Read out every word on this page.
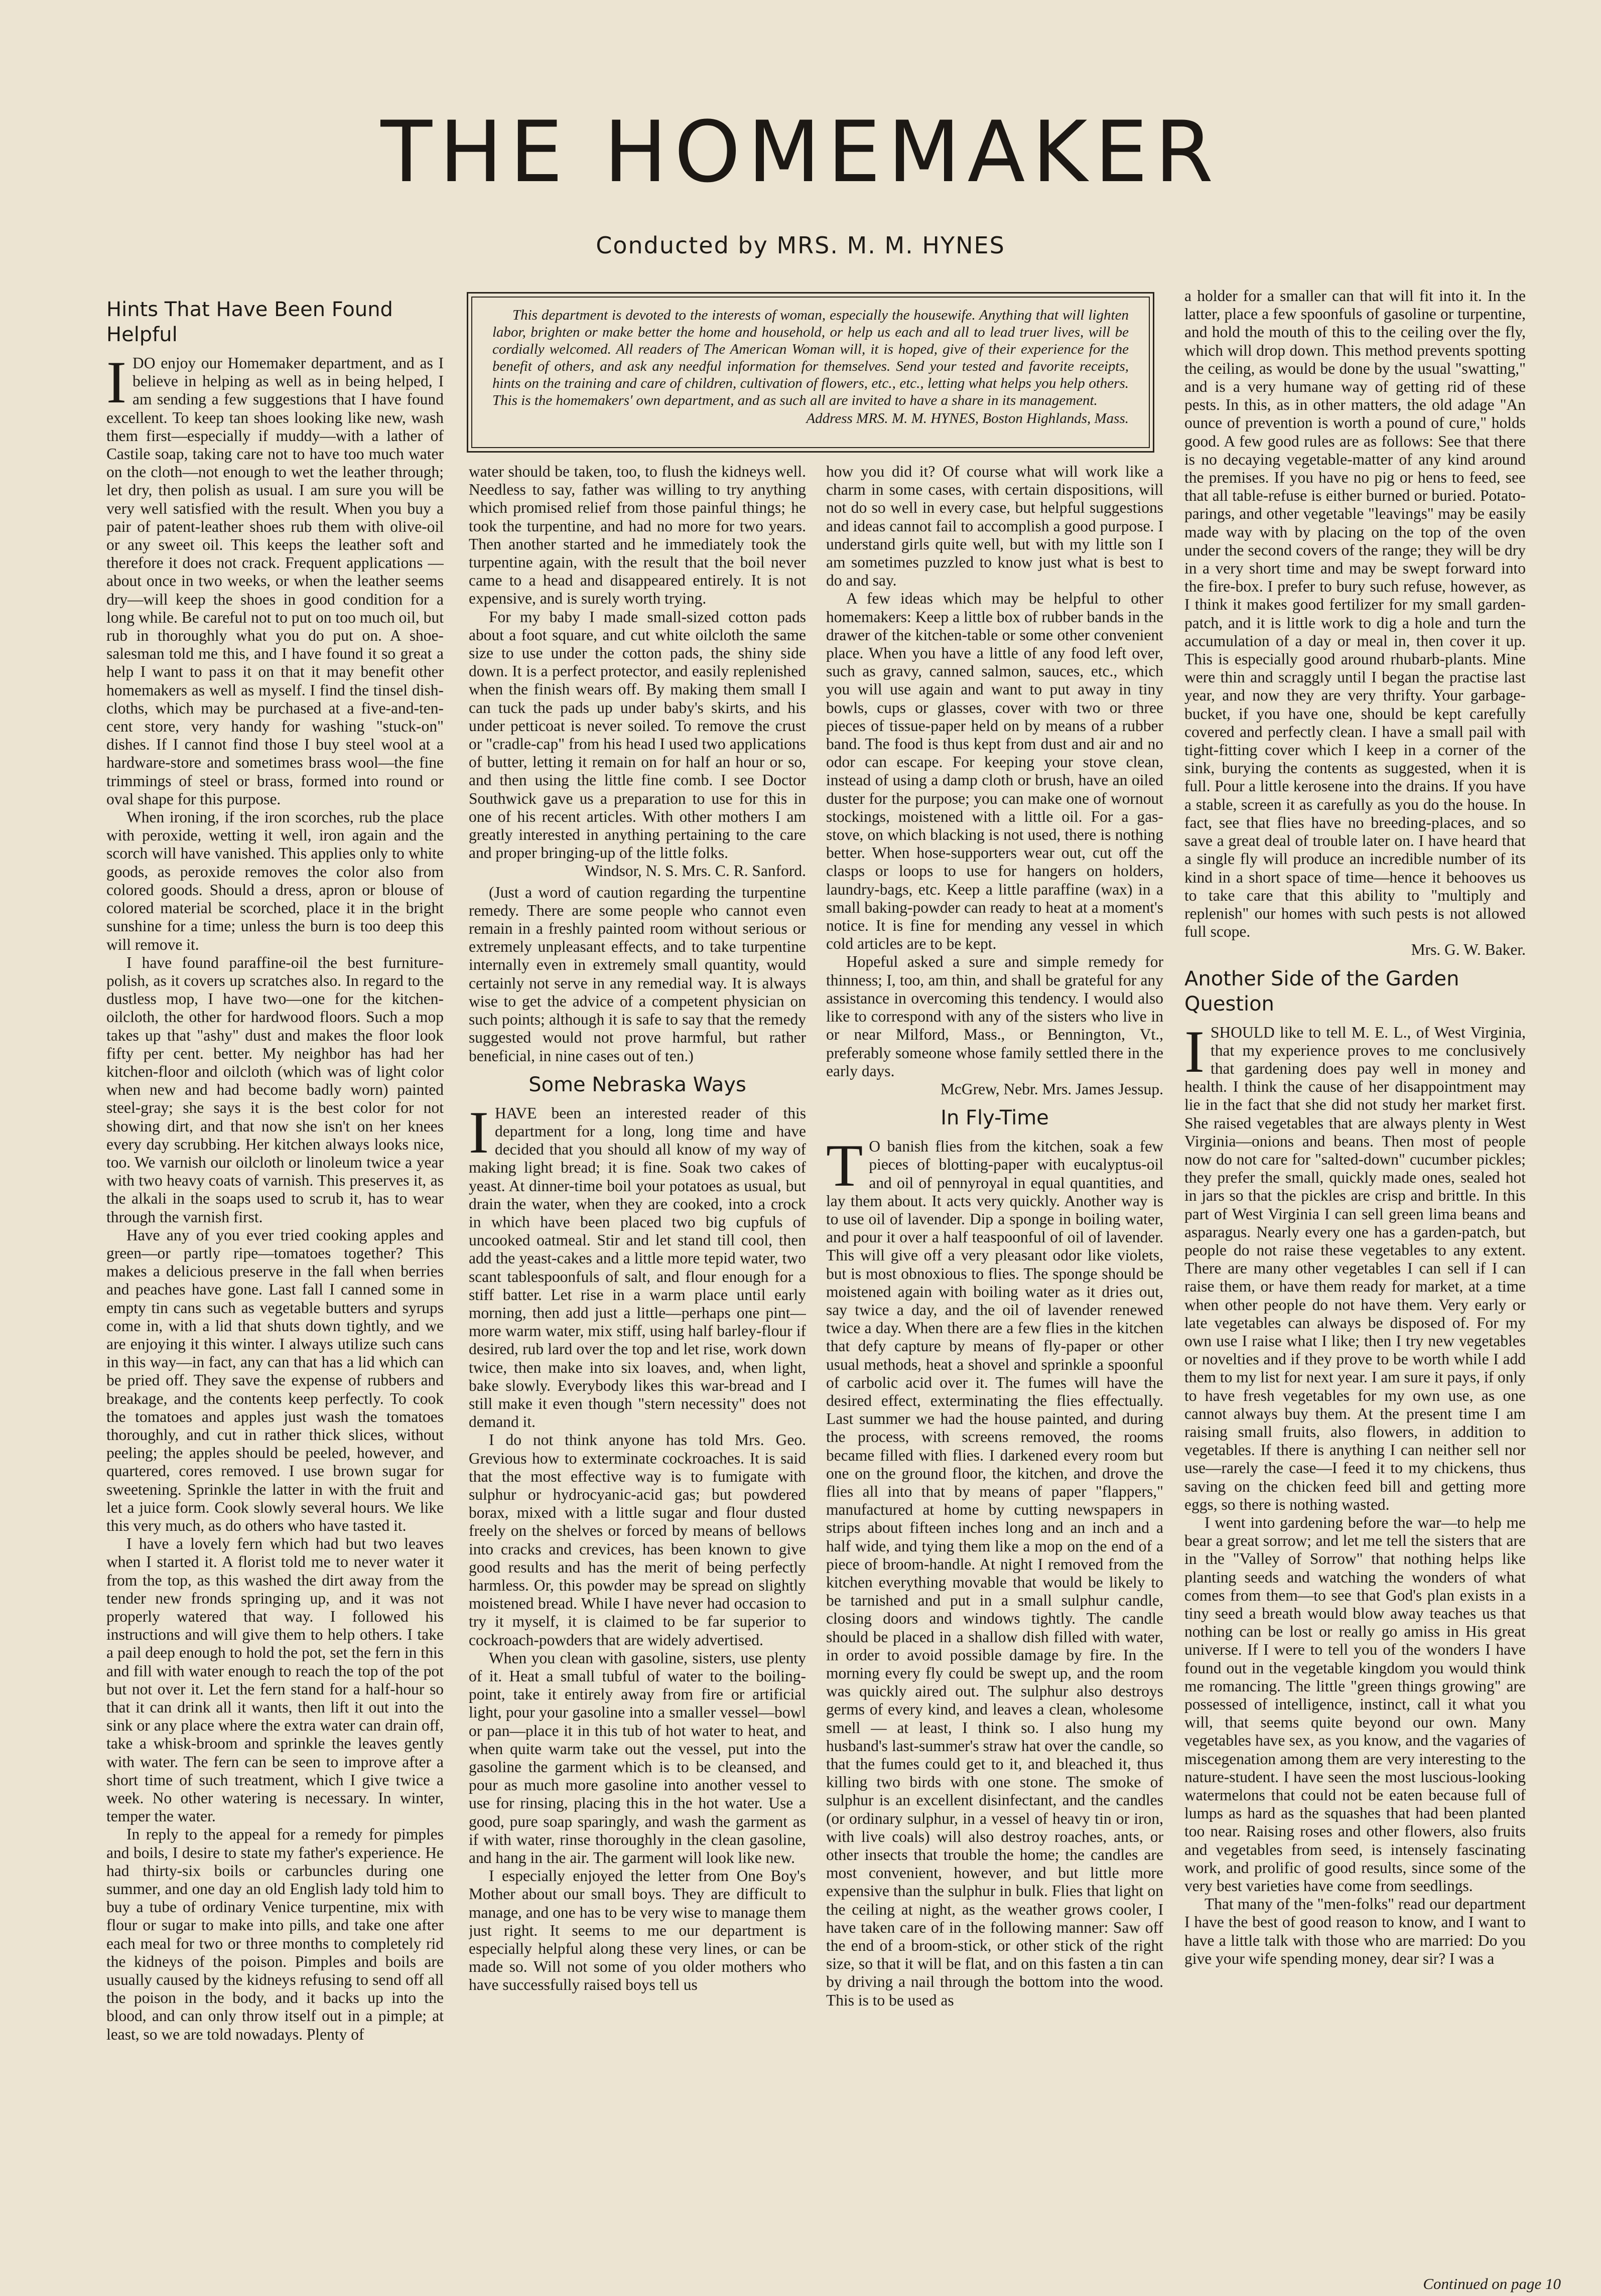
THE HOMEMAKER
Conducted by MRS. M. M. HYNES

This department is devoted to the interests of woman, especially the housewife. Anything that will lighten labor, brighten or make better the home and household, or help us each and all to lead truer lives, will be cordially welcomed. All readers of The American Woman will, it is hoped, give of their experience for the benefit of others, and ask any needful information for themselves. Send your tested and favorite receipts, hints on the training and care of children, cultivation of flowers, etc., etc., letting what helps you help others. This is the homemakers' own department, and as such all are invited to have a share in its management.

Address MRS. M. M. HYNES, Boston Highlands, Mass.

Hints That Have Been Found Helpful
I DO enjoy our Homemaker department, and as I believe in helping as well as in being helped, I am sending a few suggestions that I have found excellent. To keep tan shoes looking like new, wash them first—especially if muddy—with a lather of Castile soap, taking care not to have too much water on the cloth—not enough to wet the leather through; let dry, then polish as usual. I am sure you will be very well satisfied with the result. When you buy a pair of patent-leather shoes rub them with olive-oil or any sweet oil. This keeps the leather soft and therefore it does not crack. Frequent applications — about once in two weeks, or when the leather seems dry—will keep the shoes in good condition for a long while. Be careful not to put on too much oil, but rub in thoroughly what you do put on. A shoe-salesman told me this, and I have found it so great a help I want to pass it on that it may benefit other homemakers as well as myself. I find the tinsel dish-cloths, which may be purchased at a five-and-ten-cent store, very handy for washing "stuck-on" dishes. If I cannot find those I buy steel wool at a hardware-store and sometimes brass wool—the fine trimmings of steel or brass, formed into round or oval shape for this purpose.

When ironing, if the iron scorches, rub the place with peroxide, wetting it well, iron again and the scorch will have vanished. This applies only to white goods, as peroxide removes the color also from colored goods. Should a dress, apron or blouse of colored material be scorched, place it in the bright sunshine for a time; unless the burn is too deep this will remove it.

I have found paraffine-oil the best furniture-polish, as it covers up scratches also. In regard to the dustless mop, I have two—one for the kitchen-oilcloth, the other for hardwood floors. Such a mop takes up that "ashy" dust and makes the floor look fifty per cent. better. My neighbor has had her kitchen-floor and oilcloth (which was of light color when new and had become badly worn) painted steel-gray; she says it is the best color for not showing dirt, and that now she isn't on her knees every day scrubbing. Her kitchen always looks nice, too. We varnish our oilcloth or linoleum twice a year with two heavy coats of varnish. This preserves it, as the alkali in the soaps used to scrub it, has to wear through the varnish first.

Have any of you ever tried cooking apples and green—or partly ripe—tomatoes together? This makes a delicious preserve in the fall when berries and peaches have gone. Last fall I canned some in empty tin cans such as vegetable butters and syrups come in, with a lid that shuts down tightly, and we are enjoying it this winter. I always utilize such cans in this way—in fact, any can that has a lid which can be pried off. They save the expense of rubbers and breakage, and the contents keep perfectly. To cook the tomatoes and apples just wash the tomatoes thoroughly, and cut in rather thick slices, without peeling; the apples should be peeled, however, and quartered, cores removed. I use brown sugar for sweetening. Sprinkle the latter in with the fruit and let a juice form. Cook slowly several hours. We like this very much, as do others who have tasted it.

I have a lovely fern which had but two leaves when I started it. A florist told me to never water it from the top, as this washed the dirt away from the tender new fronds springing up, and it was not properly watered that way. I followed his instructions and will give them to help others. I take a pail deep enough to hold the pot, set the fern in this and fill with water enough to reach the top of the pot but not over it. Let the fern stand for a half-hour so that it can drink all it wants, then lift it out into the sink or any place where the extra water can drain off, take a whisk-broom and sprinkle the leaves gently with water. The fern can be seen to improve after a short time of such treatment, which I give twice a week. No other watering is necessary. In winter, temper the water.

In reply to the appeal for a remedy for pimples and boils, I desire to state my father's experience. He had thirty-six boils or carbuncles during one summer, and one day an old English lady told him to buy a tube of ordinary Venice turpentine, mix with flour or sugar to make into pills, and take one after each meal for two or three months to completely rid the kidneys of the poison. Pimples and boils are usually caused by the kidneys refusing to send off all the poison in the body, and it backs up into the blood, and can only throw itself out in a pimple; at least, so we are told nowadays. Plenty of

water should be taken, too, to flush the kidneys well. Needless to say, father was willing to try anything which promised relief from those painful things; he took the turpentine, and had no more for two years. Then another started and he immediately took the turpentine again, with the result that the boil never came to a head and disappeared entirely. It is not expensive, and is surely worth trying.

For my baby I made small-sized cotton pads about a foot square, and cut white oilcloth the same size to use under the cotton pads, the shiny side down. It is a perfect protector, and easily replenished when the finish wears off. By making them small I can tuck the pads up under baby's skirts, and his under petticoat is never soiled. To remove the crust or "cradle-cap" from his head I used two applications of butter, letting it remain on for half an hour or so, and then using the little fine comb. I see Doctor Southwick gave us a preparation to use for this in one of his recent articles. With other mothers I am greatly interested in anything pertaining to the care and proper bringing-up of the little folks.

Windsor, N. S. Mrs. C. R. Sanford.

(Just a word of caution regarding the turpentine remedy. There are some people who cannot even remain in a freshly painted room without serious or extremely unpleasant effects, and to take turpentine internally even in extremely small quantity, would certainly not serve in any remedial way. It is always wise to get the advice of a competent physician on such points; although it is safe to say that the remedy suggested would not prove harmful, but rather beneficial, in nine cases out of ten.)

Some Nebraska Ways
I HAVE been an interested reader of this department for a long, long time and have decided that you should all know of my way of making light bread; it is fine. Soak two cakes of yeast. At dinner-time boil your potatoes as usual, but drain the water, when they are cooked, into a crock in which have been placed two big cupfuls of uncooked oatmeal. Stir and let stand till cool, then add the yeast-cakes and a little more tepid water, two scant tablespoonfuls of salt, and flour enough for a stiff batter. Let rise in a warm place until early morning, then add just a little—perhaps one pint—more warm water, mix stiff, using half barley-flour if desired, rub lard over the top and let rise, work down twice, then make into six loaves, and, when light, bake slowly. Everybody likes this war-bread and I still make it even though "stern necessity" does not demand it.

I do not think anyone has told Mrs. Geo. Grevious how to exterminate cockroaches. It is said that the most effective way is to fumigate with sulphur or hydrocyanic-acid gas; but powdered borax, mixed with a little sugar and flour dusted freely on the shelves or forced by means of bellows into cracks and crevices, has been known to give good results and has the merit of being perfectly harmless. Or, this powder may be spread on slightly moistened bread. While I have never had occasion to try it myself, it is claimed to be far superior to cockroach-powders that are widely advertised.

When you clean with gasoline, sisters, use plenty of it. Heat a small tubful of water to the boiling-point, take it entirely away from fire or artificial light, pour your gasoline into a smaller vessel—bowl or pan—place it in this tub of hot water to heat, and when quite warm take out the vessel, put into the gasoline the garment which is to be cleansed, and pour as much more gasoline into another vessel to use for rinsing, placing this in the hot water. Use a good, pure soap sparingly, and wash the garment as if with water, rinse thoroughly in the clean gasoline, and hang in the air. The garment will look like new.

I especially enjoyed the letter from One Boy's Mother about our small boys. They are difficult to manage, and one has to be very wise to manage them just right. It seems to me our department is especially helpful along these very lines, or can be made so. Will not some of you older mothers who have successfully raised boys tell us

how you did it? Of course what will work like a charm in some cases, with certain dispositions, will not do so well in every case, but helpful suggestions and ideas cannot fail to accomplish a good purpose. I understand girls quite well, but with my little son I am sometimes puzzled to know just what is best to do and say.

A few ideas which may be helpful to other homemakers: Keep a little box of rubber bands in the drawer of the kitchen-table or some other convenient place. When you have a little of any food left over, such as gravy, canned salmon, sauces, etc., which you will use again and want to put away in tiny bowls, cups or glasses, cover with two or three pieces of tissue-paper held on by means of a rubber band. The food is thus kept from dust and air and no odor can escape. For keeping your stove clean, instead of using a damp cloth or brush, have an oiled duster for the purpose; you can make one of wornout stockings, moistened with a little oil. For a gas-stove, on which blacking is not used, there is nothing better. When hose-supporters wear out, cut off the clasps or loops to use for hangers on holders, laundry-bags, etc. Keep a little paraffine (wax) in a small baking-powder can ready to heat at a moment's notice. It is fine for mending any vessel in which cold articles are to be kept.

Hopeful asked a sure and simple remedy for thinness; I, too, am thin, and shall be grateful for any assistance in overcoming this tendency. I would also like to correspond with any of the sisters who live in or near Milford, Mass., or Bennington, Vt., preferably someone whose family settled there in the early days.

McGrew, Nebr. Mrs. James Jessup.

In Fly-Time
T O banish flies from the kitchen, soak a few pieces of blotting-paper with eucalyptus-oil and oil of pennyroyal in equal quantities, and lay them about. It acts very quickly. Another way is to use oil of lavender. Dip a sponge in boiling water, and pour it over a half teaspoonful of oil of lavender. This will give off a very pleasant odor like violets, but is most obnoxious to flies. The sponge should be moistened again with boiling water as it dries out, say twice a day, and the oil of lavender renewed twice a day. When there are a few flies in the kitchen that defy capture by means of fly-paper or other usual methods, heat a shovel and sprinkle a spoonful of carbolic acid over it. The fumes will have the desired effect, exterminating the flies effectually. Last summer we had the house painted, and during the process, with screens removed, the rooms became filled with flies. I darkened every room but one on the ground floor, the kitchen, and drove the flies all into that by means of paper "flappers," manufactured at home by cutting newspapers in strips about fifteen inches long and an inch and a half wide, and tying them like a mop on the end of a piece of broom-handle. At night I removed from the kitchen everything movable that would be likely to be tarnished and put in a small sulphur candle, closing doors and windows tightly. The candle should be placed in a shallow dish filled with water, in order to avoid possible damage by fire. In the morning every fly could be swept up, and the room was quickly aired out. The sulphur also destroys germs of every kind, and leaves a clean, wholesome smell — at least, I think so. I also hung my husband's last-summer's straw hat over the candle, so that the fumes could get to it, and bleached it, thus killing two birds with one stone. The smoke of sulphur is an excellent disinfectant, and the candles (or ordinary sulphur, in a vessel of heavy tin or iron, with live coals) will also destroy roaches, ants, or other insects that trouble the home; the candles are most convenient, however, and but little more expensive than the sulphur in bulk. Flies that light on the ceiling at night, as the weather grows cooler, I have taken care of in the following manner: Saw off the end of a broom-stick, or other stick of the right size, so that it will be flat, and on this fasten a tin can by driving a nail through the bottom into the wood. This is to be used as

a holder for a smaller can that will fit into it. In the latter, place a few spoonfuls of gasoline or turpentine, and hold the mouth of this to the ceiling over the fly, which will drop down. This method prevents spotting the ceiling, as would be done by the usual "swatting," and is a very humane way of getting rid of these pests. In this, as in other matters, the old adage "An ounce of prevention is worth a pound of cure," holds good. A few good rules are as follows: See that there is no decaying vegetable-matter of any kind around the premises. If you have no pig or hens to feed, see that all table-refuse is either burned or buried. Potato-parings, and other vegetable "leavings" may be easily made way with by placing on the top of the oven under the second covers of the range; they will be dry in a very short time and may be swept forward into the fire-box. I prefer to bury such refuse, however, as I think it makes good fertilizer for my small garden-patch, and it is little work to dig a hole and turn the accumulation of a day or meal in, then cover it up. This is especially good around rhubarb-plants. Mine were thin and scraggly until I began the practise last year, and now they are very thrifty. Your garbage-bucket, if you have one, should be kept carefully covered and perfectly clean. I have a small pail with tight-fitting cover which I keep in a corner of the sink, burying the contents as suggested, when it is full. Pour a little kerosene into the drains. If you have a stable, screen it as carefully as you do the house. In fact, see that flies have no breeding-places, and so save a great deal of trouble later on. I have heard that a single fly will produce an incredible number of its kind in a short space of time—hence it behooves us to take care that this ability to "multiply and replenish" our homes with such pests is not allowed full scope.

Mrs. G. W. Baker.

Another Side of the Garden Question
I SHOULD like to tell M. E. L., of West Virginia, that my experience proves to me conclusively that gardening does pay well in money and health. I think the cause of her disappointment may lie in the fact that she did not study her market first. She raised vegetables that are always plenty in West Virginia—onions and beans. Then most of people now do not care for "salted-down" cucumber pickles; they prefer the small, quickly made ones, sealed hot in jars so that the pickles are crisp and brittle. In this part of West Virginia I can sell green lima beans and asparagus. Nearly every one has a garden-patch, but people do not raise these vegetables to any extent. There are many other vegetables I can sell if I can raise them, or have them ready for market, at a time when other people do not have them. Very early or late vegetables can always be disposed of. For my own use I raise what I like; then I try new vegetables or novelties and if they prove to be worth while I add them to my list for next year. I am sure it pays, if only to have fresh vegetables for my own use, as one cannot always buy them. At the present time I am raising small fruits, also flowers, in addition to vegetables. If there is anything I can neither sell nor use—rarely the case—I feed it to my chickens, thus saving on the chicken feed bill and getting more eggs, so there is nothing wasted.

I went into gardening before the war—to help me bear a great sorrow; and let me tell the sisters that are in the "Valley of Sorrow" that nothing helps like planting seeds and watching the wonders of what comes from them—to see that God's plan exists in a tiny seed a breath would blow away teaches us that nothing can be lost or really go amiss in His great universe. If I were to tell you of the wonders I have found out in the vegetable kingdom you would think me romancing. The little "green things growing" are possessed of intelligence, instinct, call it what you will, that seems quite beyond our own. Many vegetables have sex, as you know, and the vagaries of miscegenation among them are very interesting to the nature-student. I have seen the most luscious-looking watermelons that could not be eaten because full of lumps as hard as the squashes that had been planted too near. Raising roses and other flowers, also fruits and vegetables from seed, is intensely fascinating work, and prolific of good results, since some of the very best varieties have come from seedlings.

That many of the "men-folks" read our department I have the best of good reason to know, and I want to have a little talk with those who are married: Do you give your wife spending money, dear sir? I was a

Continued on page 10
